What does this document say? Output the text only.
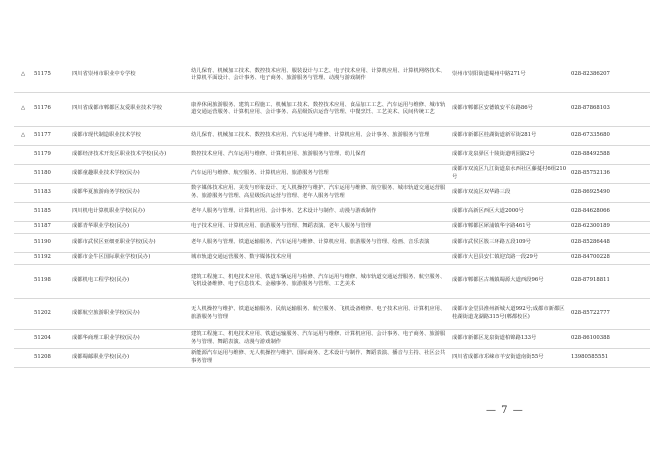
△	51175	四川省崇州市职业中专学校	幼儿保育、机械加工技术、数控技术应用、服装设计与工艺、电子技术应用、计算机应用、计算机网络技术、计算机平面设计、会计事务、电子商务、旅游服务与管理、动漫与游戏制作	崇州市崇阳街道蜀州中路271号	028-82386207
△	51176	四川省成都市郫都区友爱职业技术学校	康养休闲旅游服务、建筑工程施工、机械加工技术、数控技术应用、食品加工工艺、汽车运用与维修、城市轨道交通运营服务、计算机应用、会计事务、高星级饭店运营与管理、中餐烹饪、工艺美术、民间传统工艺	成都市郫都区安德镇安平东路86号	028-87868103
△	51177	成都市现代制造职业技术学校	幼儿保育、机械加工技术、数控技术应用、汽车运用与维修、计算机应用、会计事务、旅游服务与管理	成都市新都区桂湖街道新军街281号	028-67335680
	51179	成都经济技术开发区职业技术学校(民办)	数控技术应用、汽车运用与维修、计算机应用、旅游服务与管理、幼儿保育	成都市龙泉驿区十陵街道明园路2号	028-88492588
	51180	成都童趣职业技术学校(民办)	汽车运用与维修、航空服务、计算机应用、旅游服务与管理	成都市双流区九江街道泉水西社区藤蔓村6组210号	028-85752136
	51183	成都华夏旅游商务学校(民办)	数字媒体技术应用、美发与形象设计、无人机操控与维护、汽车运用与维修、航空服务、城市轨道交通运营服务、旅游服务与管理、高星级饭店运营与管理、老年人服务与管理	成都市双流区双华路三段	028-86925490
	51185	四川机电计算机职业学校(民办)	老年人服务与管理、计算机应用、会计事务、艺术设计与制作、动漫与游戏制作	成都市高新区西区大道2000号	028-84628066
	51187	成都青华职业学校(民办)	电子技术应用、计算机应用、旅游服务与管理、舞蹈表演、老年人服务与管理	成都市郫都区犀浦镇华字路461号	028-62300189
	51190	成都市武侯区亚细亚职业学校(民办)	老年人服务与管理、铁道运输服务、汽车运用与维修、计算机应用、旅游服务与管理、绘画、音乐表演	成都市武侯区簇三环路五段109号	028-85286448
	51192	成都市金牛区国际职业学校(民办)	城市轨道交通运营服务、数字媒体技术应用	成都市大邑县安仁镇迎宾路一段29号	028-84700228
	51198	成都机电工程学校(民办)	建筑工程施工、机电技术应用、铁道车辆运用与检修、汽车运用与维修、城市轨道交通运营服务、航空服务、飞机设备维修、电子信息技术、金融事务、旅游服务与管理、工艺美术	成都市郫都区古城镇蜀源大道西段96号	028-87918811
	51202	成都航空旅游职业学校(民办)	无人机操控与维护、铁道运输服务、民航运输服务、航空服务、飞机设备维修、电子技术应用、计算机应用、旅游服务与管理	成都市金堂县淮州新城大道992号;成都市新都区桂湖街道龙湖路315号(郫都校区)	028-85722777
	51204	成都华商理工职业学校(民办)	建筑工程施工、机电技术应用、铁道运输服务、汽车运用与维修、计算机应用、会计事务、电子商务、旅游服务与管理、舞蹈表演、动漫与游戏制作	成都市新都区龙泉街道柏锦路133号	028-86100388
	51208	成都蜀邮职业学校(民办)	新能源汽车运用与维修、无人机操控与维护、国际商务、艺术设计与制作、舞蹈表演、播音与主持、社区公共事务管理	四川省成都市邛崃市羊安街道南街55号	13980585551
— 7 —
